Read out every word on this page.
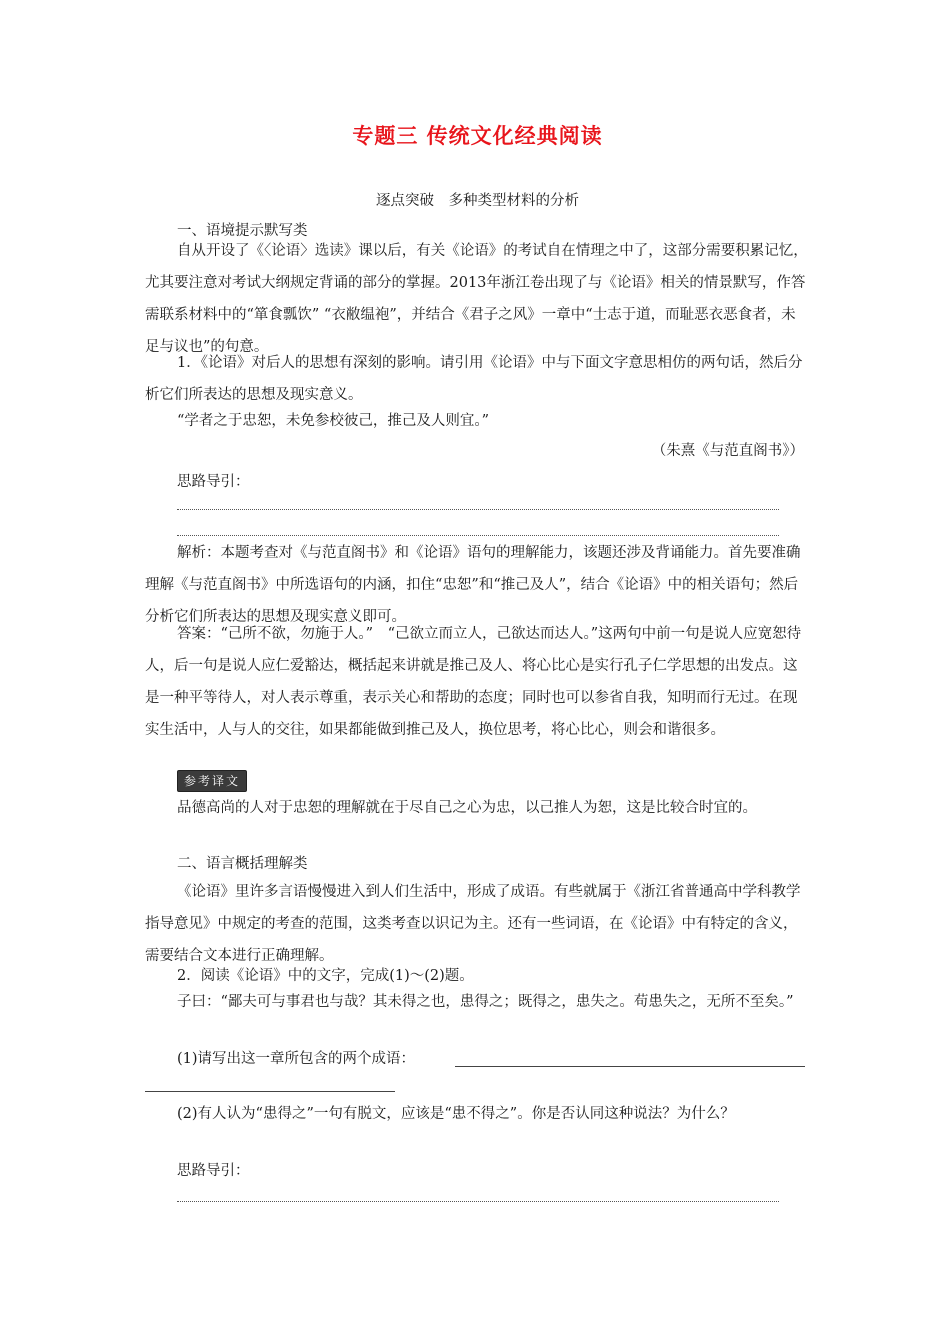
专题三 传统文化经典阅读
逐点突破　多种类型材料的分析

一、语境提示默写类

自从开设了《〈论语〉选读》课以后，有关《论语》的考试自在情理之中了，这部分需要积累记忆，尤其要注意对考试大纲规定背诵的部分的掌握。2013年浙江卷出现了与《论语》相关的情景默写，作答需联系材料中的“箪食瓢饮” “衣敝缊袍”，并结合《君子之风》一章中“士志于道，而耻恶衣恶食者，未足与议也”的句意。

1．《论语》对后人的思想有深刻的影响。请引用《论语》中与下面文字意思相仿的两句话，然后分析它们所表达的思想及现实意义。

“学者之于忠恕，未免参校彼己，推己及人则宜。”

（朱熹《与范直阁书》）

思路导引：

解析：本题考查对《与范直阁书》和《论语》语句的理解能力，该题还涉及背诵能力。首先要准确理解《与范直阁书》中所选语句的内涵，扣住“忠恕”和“推己及人”，结合《论语》中的相关语句；然后分析它们所表达的思想及现实意义即可。

答案：“己所不欲，勿施于人。”　“己欲立而立人，己欲达而达人。”这两句中前一句是说人应宽恕待人，后一句是说人应仁爱豁达，概括起来讲就是推己及人、将心比心是实行孔子仁学思想的出发点。这是一种平等待人，对人表示尊重，表示关心和帮助的态度；同时也可以参省自我，知明而行无过。在现实生活中，人与人的交往，如果都能做到推己及人，换位思考，将心比心，则会和谐很多。

参考译文

品德高尚的人对于忠恕的理解就在于尽自己之心为忠，以己推人为恕，这是比较合时宜的。

二、语言概括理解类

《论语》里许多言语慢慢进入到人们生活中，形成了成语。有些就属于《浙江省普通高中学科教学指导意见》中规定的考查的范围，这类考查以识记为主。还有一些词语，在《论语》中有特定的含义，需要结合文本进行正确理解。

2．阅读《论语》中的文字，完成(1)～(2)题。

子曰：“鄙夫可与事君也与哉？其未得之也，患得之；既得之，患失之。苟患失之，无所不至矣。”

(1)请写出这一章所包含的两个成语：

(2)有人认为“患得之”一句有脱文，应该是“患不得之”。你是否认同这种说法？为什么？

思路导引：
